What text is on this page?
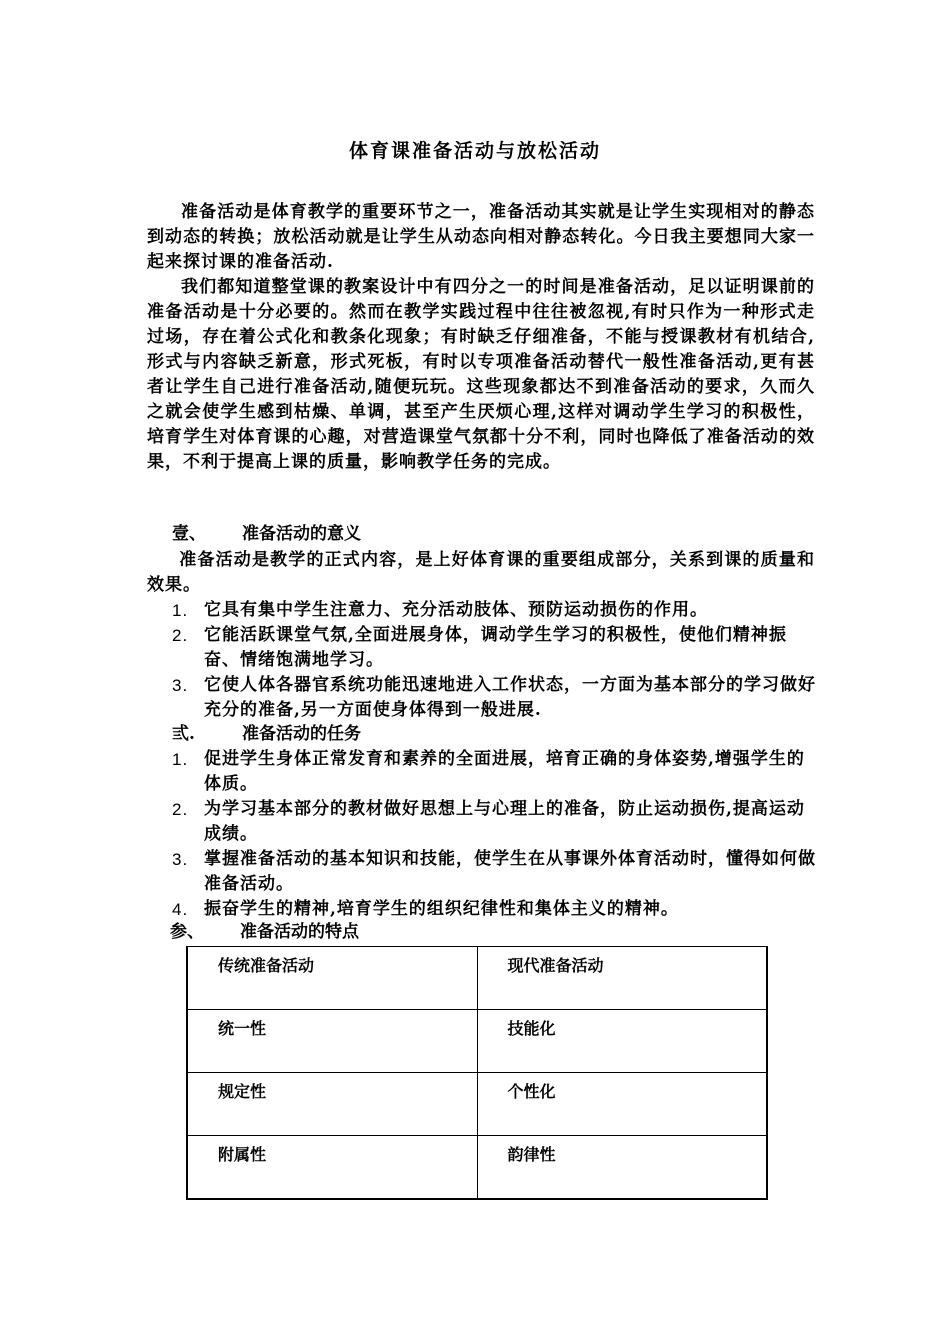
体育课准备活动与放松活动
准备活动是体育教学的重要环节之一，准备活动其实就是让学生实现相对的静态到动态的转换；放松活动就是让学生从动态向相对静态转化。今日我主要想同大家一起来探讨课的准备活动.
我们都知道整堂课的教案设计中有四分之一的时间是准备活动，足以证明课前的准备活动是十分必要的。然而在教学实践过程中往往被忽视,有时只作为一种形式走过场，存在着公式化和教条化现象；有时缺乏仔细准备，不能与授课教材有机结合,形式与内容缺乏新意，形式死板，有时以专项准备活动替代一般性准备活动,更有甚者让学生自己进行准备活动,随便玩玩。这些现象都达不到准备活动的要求，久而久之就会使学生感到枯燥、单调，甚至产生厌烦心理,这样对调动学生学习的积极性，培育学生对体育课的心趣，对营造课堂气氛都十分不利，同时也降低了准备活动的效果，不利于提高上课的质量，影响教学任务的完成。
壹、 准备活动的意义
准备活动是教学的正式内容，是上好体育课的重要组成部分，关系到课的质量和效果。
1. 它具有集中学生注意力、充分活动肢体、预防运动损伤的作用。
2. 它能活跃课堂气氛,全面进展身体，调动学生学习的积极性，使他们精神振奋、情绪饱满地学习。
3. 它使人体各器官系统功能迅速地进入工作状态，一方面为基本部分的学习做好充分的准备,另一方面使身体得到一般进展.
弎.	准备活动的任务
1. 促进学生身体正常发育和素养的全面进展，培育正确的身体姿势,增强学生的体质。
2. 为学习基本部分的教材做好思想上与心理上的准备，防止运动损伤,提高运动成绩。
3. 掌握准备活动的基本知识和技能，使学生在从事课外体育活动时，懂得如何做准备活动。
4. 振奋学生的精神,培育学生的组织纪律性和集体主义的精神。
参、 准备活动的特点
传统准备活动	现代准备活动
统一性	技能化
规定性	个性化
附属性	韵律性
